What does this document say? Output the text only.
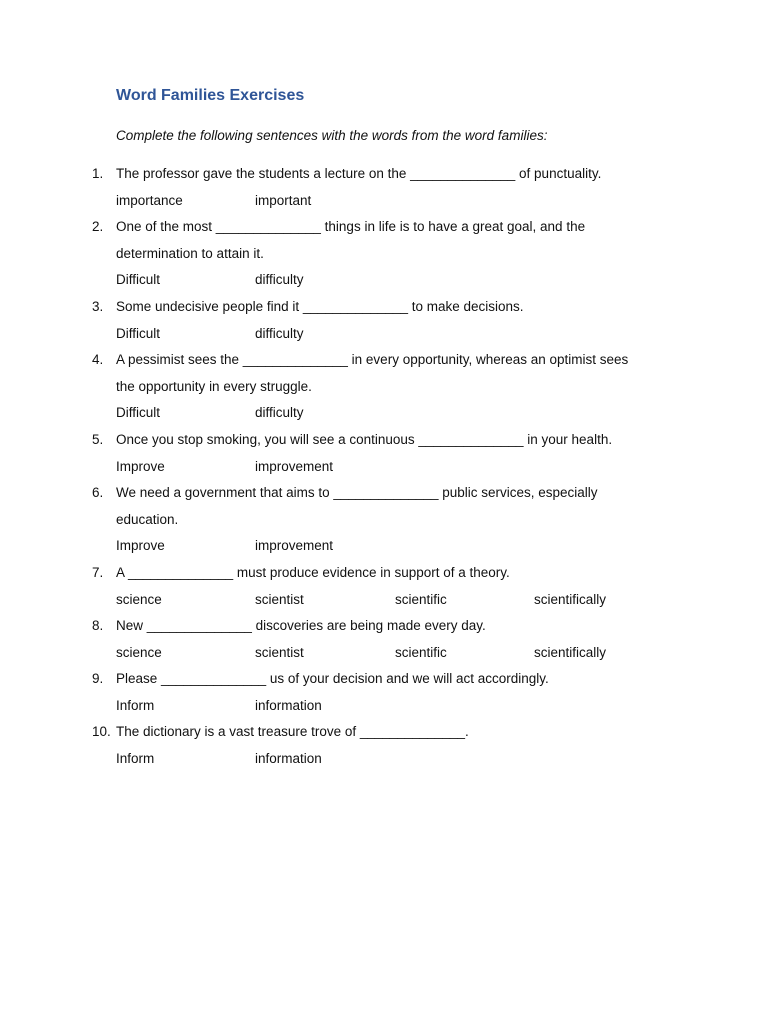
Word Families Exercises
Complete the following sentences with the words from the word families:
1. The professor gave the students a lecture on the ______________ of punctuality.
importance	important
2. One of the most ______________ things in life is to have a great goal, and the
determination to attain it.
Difficult	difficulty
3. Some undecisive people find it ______________ to make decisions.
Difficult	difficulty
4. A pessimist sees the ______________ in every opportunity, whereas an optimist sees
the opportunity in every struggle.
Difficult	difficulty
5. Once you stop smoking, you will see a continuous ______________ in your health.
Improve	improvement
6. We need a government that aims to ______________ public services, especially
education.
Improve	improvement
7. A ______________ must produce evidence in support of a theory.
science	scientist	scientific	scientifically
8. New ______________ discoveries are being made every day.
science	scientist	scientific	scientifically
9. Please ______________ us of your decision and we will act accordingly.
Inform	information
10. The dictionary is a vast treasure trove of ______________.
Inform	information
